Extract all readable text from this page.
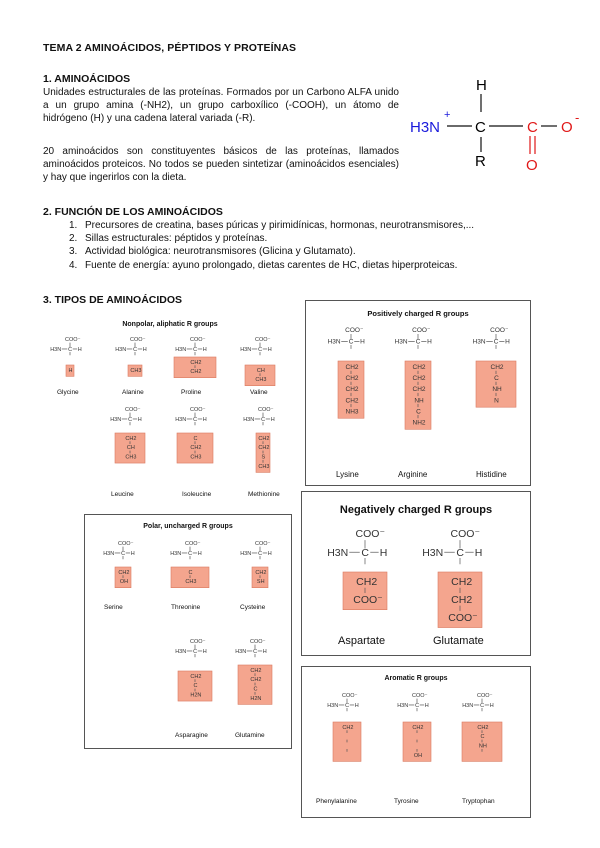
TEMA 2 AMINOÁCIDOS, PÉPTIDOS Y PROTEÍNAS
1. AMINOÁCIDOS

Unidades estructurales de las proteínas. Formados por un Carbono ALFA unido a un grupo amina (-NH2), un grupo carboxílico (-COOH), un átomo de hidrógeno (H) y una cadena lateral variada (-R).

20 aminoácidos son constituyentes básicos de las proteínas, llamados aminoácidos proteicos. No todos se pueden sintetizar (aminoácidos esenciales) y hay que ingerirlos con la dieta.

H
H3N
+
C	C O
-
O
R
2. FUNCIÓN DE LOS AMINOÁCIDOS
1. Precursores de creatina, bases púricas y pirimidínicas, hormonas, neurotransmisores,...
2. Sillas estructurales: péptidos y proteínas.
3. Actividad biológica: neurotransmisores (Glicina y Glutamato).
4. Fuente de energía: ayuno prolongado, dietas carentes de HC, dietas hiperproteicas.
3. TIPOS DE AMINOÁCIDOS
Nonpolar, aliphatic R groups
COO⁻
H3N C H
H
COO⁻
H3N C H
CH3
COO⁻
H3N C H
CH2
CH2
COO⁻
H3N C H
CH
CH3
COO⁻
H3N C H
CH2
CH
CH3
COO⁻
H3N C H
C
CH2
CH3
COO⁻
H3N C H
CH2
CH2
S
CH3
Glycine	Alanine	Proline	Valine
Leucine	Isoleucine	Methionine
Positively charged R groups
COO⁻
H3N C H
CH2
CH2
CH2
CH2
NH3
COO⁻
H3N C H
CH2
CH2
CH2
NH
C
NH2
COO⁻
H3N C H
CH2
C
NH
N
Lysine	Arginine	Histidine
Negatively charged R groups
COO⁻
H3N C H
CH2
COO⁻
COO⁻
H3N C H
CH2
CH2
COO⁻
Aspartate	Glutamate
Polar, uncharged R groups
COO⁻
H3N C H
CH2
OH
COO⁻
H3N C H
C
CH3
COO⁻
H3N C H
CH2
SH
COO⁻
H3N C H
CH2
C
H2N
COO⁻
H3N C H
CH2
CH2
C
H2N
Serine	Threonine	Cysteine
Asparagine	Glutamine
Aromatic R groups
COO⁻
H3N C H
CH2
COO⁻
H3N C H
CH2
OH
COO⁻
H3N C H
CH2
C
NH
Phenylalanine	Tyrosine	Tryptophan
